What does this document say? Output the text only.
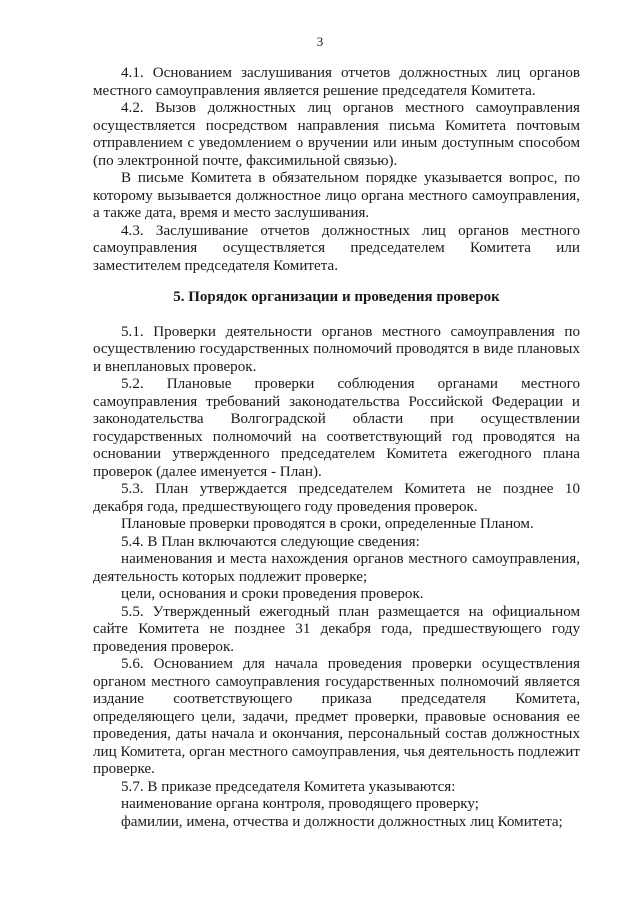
3

4.1. Основанием заслушивания отчетов должностных лиц органов местного самоуправления является решение председателя Комитета.

4.2. Вызов должностных лиц органов местного самоуправления осуществляется посредством направления письма Комитета почтовым отправлением с уведомлением о вручении или иным доступным способом (по электронной почте, факсимильной связью).

В письме Комитета в обязательном порядке указывается вопрос, по которому вызывается должностное лицо органа местного самоуправления, а также дата, время и место заслушивания.

4.3. Заслушивание отчетов должностных лиц органов местного самоуправления осуществляется председателем Комитета или заместителем председателя Комитета.

5. Порядок организации и проведения проверок

5.1. Проверки деятельности органов местного самоуправления по осуществлению государственных полномочий проводятся в виде плановых и внеплановых проверок.

5.2. Плановые проверки соблюдения органами местного самоуправления требований законодательства Российской Федерации и законодательства Волгоградской области при осуществлении государственных полномочий на соответствующий год проводятся на основании утвержденного председателем Комитета ежегодного плана проверок (далее именуется - План).

5.3. План утверждается председателем Комитета не позднее 10 декабря года, предшествующего году проведения проверок.

Плановые проверки проводятся в сроки, определенные Планом.

5.4. В План включаются следующие сведения:

наименования и места нахождения органов местного самоуправления, деятельность которых подлежит проверке;

цели, основания и сроки проведения проверок.

5.5. Утвержденный ежегодный план размещается на официальном сайте Комитета не позднее 31 декабря года, предшествующего году проведения проверок.

5.6. Основанием для начала проведения проверки осуществления органом местного самоуправления государственных полномочий является издание соответствующего приказа председателя Комитета, определяющего цели, задачи, предмет проверки, правовые основания ее проведения, даты начала и окончания, персональный состав должностных лиц Комитета, орган местного самоуправления, чья деятельность подлежит проверке.

5.7. В приказе председателя Комитета указываются:

наименование органа контроля, проводящего проверку;

фамилии, имена, отчества и должности должностных лиц Комитета;
